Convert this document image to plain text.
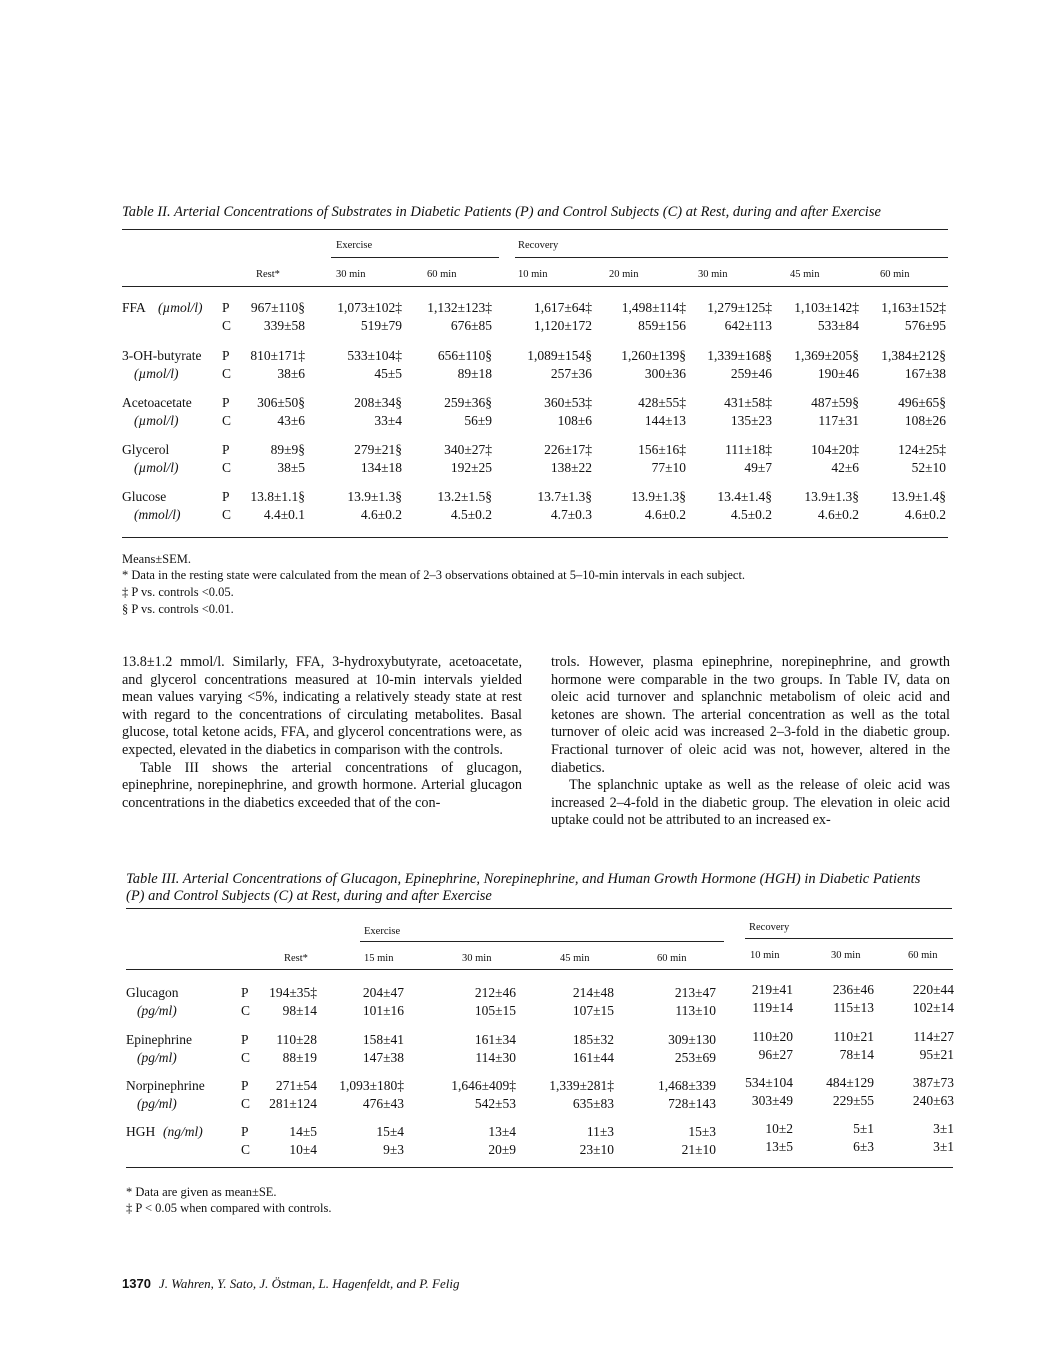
Table II. Arterial Concentrations of Substrates in Diabetic Patients (P) and Control Subjects (C) at Rest, during and after Exercise
Exercise	Recovery
Rest*	30 min	60 min	10 min	20 min	30 min	45 min	60 min
FFA (µmol/l) P 967±110§ 1,073±102‡ 1,132±123‡	1,617±64‡ 1,498±114‡ 1,279±125‡ 1,103±142‡ 1,163±152‡
C 339±58	519±79	676±85	1,120±172	859±156	642±113	533±84	576±95
3-OH-butyrate
(µmol/l)
P 810±171‡	533±104‡	656±110§	1,089±154§ 1,260±139§ 1,339±168§ 1,369±205§ 1,384±212§
C	38±6	45±5	89±18	257±36	300±36	259±46	190±46	167±38
Acetoacetate
(µmol/l)
P 306±50§	208±34§	259±36§	360±53‡	428±55‡	431±58‡	487±59§	496±65§
C	43±6	33±4	56±9	108±6	144±13	135±23	117±31	108±26
Glycerol
(µmol/l)
P	89±9§	279±21§	340±27‡	226±17‡	156±16‡	111±18‡	104±20‡	124±25‡
C	38±5	134±18	192±25	138±22	77±10	49±7	42±6	52±10
Glucose
(mmol/l)
P 13.8±1.1§	13.9±1.3§	13.2±1.5§	13.7±1.3§	13.9±1.3§ 13.4±1.4§ 13.9±1.3§ 13.9±1.4§
C 4.4±0.1	4.6±0.2	4.5±0.2	4.7±0.3	4.6±0.2	4.5±0.2	4.6±0.2	4.6±0.2
Means±SEM.
* Data in the resting state were calculated from the mean of 2–3 observations obtained at 5–10-min intervals in each subject.
‡ P vs. controls <0.05.
§ P vs. controls <0.01.

13.8±1.2 mmol/l. Similarly, FFA, 3-hydroxybutyrate, acetoacetate, and glycerol concentrations measured at 10-min intervals yielded mean values varying <5%, indicating a relatively steady state at rest with regard to the concentrations of circulating metabolites. Basal glucose, total ketone acids, FFA, and glycerol concentrations were, as expected, elevated in the diabetics in comparison with the controls.

Table III shows the arterial concentrations of glucagon, epinephrine, norepinephrine, and growth hormone. Arterial glucagon concentrations in the diabetics exceeded that of the con-

trols. However, plasma epinephrine, norepinephrine, and growth hormone were comparable in the two groups. In Table IV, data on oleic acid turnover and splanchnic metabolism of oleic acid and ketones are shown. The arterial concentration as well as the total turnover of oleic acid was increased 2–3-fold in the diabetic group. Fractional turnover of oleic acid was not, however, altered in the diabetics.

The splanchnic uptake as well as the release of oleic acid was increased 2–4-fold in the diabetic group. The elevation in oleic acid uptake could not be attributed to an increased ex-

Table III. Arterial Concentrations of Glucagon, Epinephrine, Norepinephrine, and Human Growth Hormone (HGH) in Diabetic Patients
(P) and Control Subjects (C) at Rest, during and after Exercise
Exercise	Recovery
Rest*	15 min	30 min	45 min	60 min	10 min	30 min	60 min
Glucagon
(pg/ml)
P 194±35‡	204±47	212±46	214±48	213±47	219±41	236±46	220±44
C 98±14	101±16	105±15	107±15	113±10	119±14	115±13	102±14
Epinephrine
(pg/ml)
P 110±28	158±41	161±34	185±32	309±130	110±20	110±21	114±27
C 88±19	147±38	114±30	161±44	253±69	96±27	78±14	95±21
Norpinephrine
(pg/ml)
P 271±54 1,093±180‡	1,646±409‡ 1,339±281‡	1,468±339 534±104 484±129	387±73
C 281±124	476±43	542±53	635±83	728±143	303±49	229±55	240±63
HGH (ng/ml)	P	14±5	15±4	13±4	11±3	15±3	10±2	5±1	3±1
C	10±4	9±3	20±9	23±10	21±10	13±5	6±3	3±1
* Data are given as mean±SE.
‡ P < 0.05 when compared with controls.
1370 J. Wahren, Y. Sato, J. Östman, L. Hagenfeldt, and P. Felig
